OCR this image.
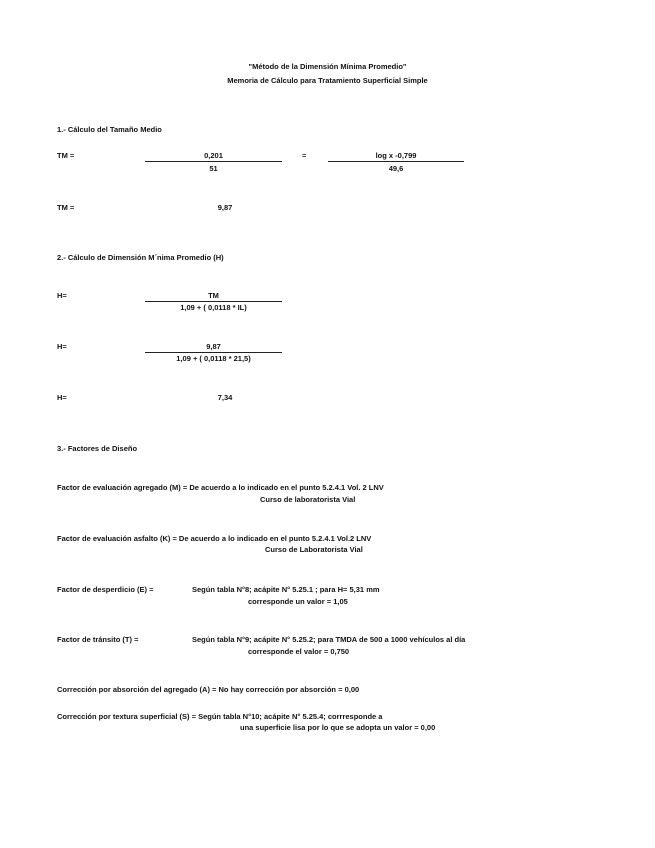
"Método de la Dimensión Mínima Promedio"
Memoria de Cálculo para Tratamiento Superficial Simple
1.- Cálculo del Tamaño Medio
TM =	0,201
51
=	log x -0,799
49,6
TM =	9,87
2.- Cálculo de Dimensión M´nima Promedio (H)
H=	TM
1,09 + ( 0,0118 * IL)
H=	9,87
1,09 + ( 0,0118 * 21,5)
H=	7,34
3.- Factores de Diseño
Factor de evaluación agregado (M) = De acuerdo a lo indicado en el punto 5.2.4.1 Vol. 2 LNV
Curso de laboratorista Vial
Factor de evaluación asfalto (K) = De acuerdo a lo indicado en el punto 5.2.4.1 Vol.2 LNV
Curso de Laboratorista Vial
Factor de desperdicio (E) =	Según tabla N°8; acápite N° 5.25.1 ; para H= 5,31 mm
corresponde un valor = 1,05
Factor de tránsito (T) =	Según tabla N°9; acápite N° 5.25.2; para TMDA de 500 a 1000 vehículos al día
corresponde el valor = 0,750
Corrección por absorción del agregado (A) = No hay corrección por absorción = 0,00
Corrección por textura superficial (S) = Según tabla N°10; acápite N° 5.25.4; corrresponde a
una superficie lisa por lo que se adopta un valor = 0,00
